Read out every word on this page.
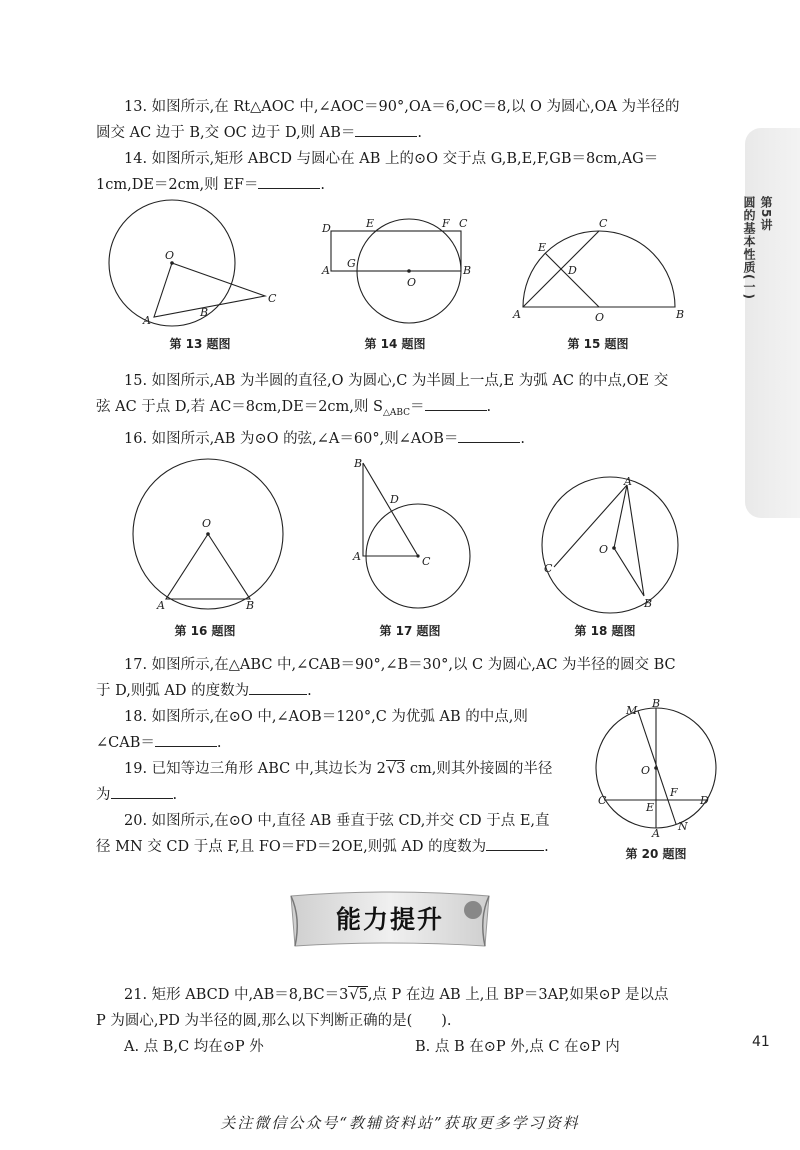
第5讲
圆的基本性质(一)

13. 如图所示,在 Rt△AOC 中,∠AOC＝90°,OA＝6,OC＝8,以 O 为圆心,OA 为半径的

圆交 AC 边于 B,交 OC 边于 D,则 AB＝	.

14. 如图所示,矩形 ABCD 与圆心在 AB 上的⊙O 交于点 G,B,E,F,GB＝8cm,AG＝

1cm,DE＝2cm,则 EF＝	.

O
A
B
C
第 13 题图
D	E	F C
A
G
O
B
第 14 题图
C
E
D
A	O	B
第 15 题图

15. 如图所示,AB 为半圆的直径,O 为圆心,C 为半圆上一点,E 为弧 AC 的中点,OE 交

弦 AC 于点 D,若 AC＝8cm,DE＝2cm,则 $S_{\triangle ABC}=$	.

16. 如图所示,AB 为⊙O 的弦,∠A＝60°,则∠AOB＝	.

O
A	B
第 16 题图
B
D
A	C
第 17 题图
A
O
C
B
第 18 题图

17. 如图所示,在△ABC 中,∠CAB＝90°,∠B＝30°,以 C 为圆心,AC 为半径的圆交 BC

于 D,则弧 AD 的度数为	.

18. 如图所示,在⊙O 中,∠AOB＝120°,C 为优弧 AB 的中点,则

∠CAB＝	.

19. 已知等边三角形 ABC 中,其边长为 2√3 cm,则其外接圆的半径

为	.

20. 如图所示,在⊙O 中,直径 AB 垂直于弦 CD,并交 CD 于点 E,直

径 MN 交 CD 于点 F,且 FO＝FD＝2OE,则弧 AD 的度数为	.

M
B
O
F
C
E
D
A
N
第 20 题图
能力提升

21. 矩形 ABCD 中,AB＝8,BC＝3√5,点 P 在边 AB 上,且 BP＝3AP,如果⊙P 是以点

P 为圆心,PD 为半径的圆,那么以下判断正确的是(　　).

A. 点 B,C 均在⊙P 外	B. 点 B 在⊙P 外,点 C 在⊙P 内	41
关注微信公众号“教辅资料站”获取更多学习资料
